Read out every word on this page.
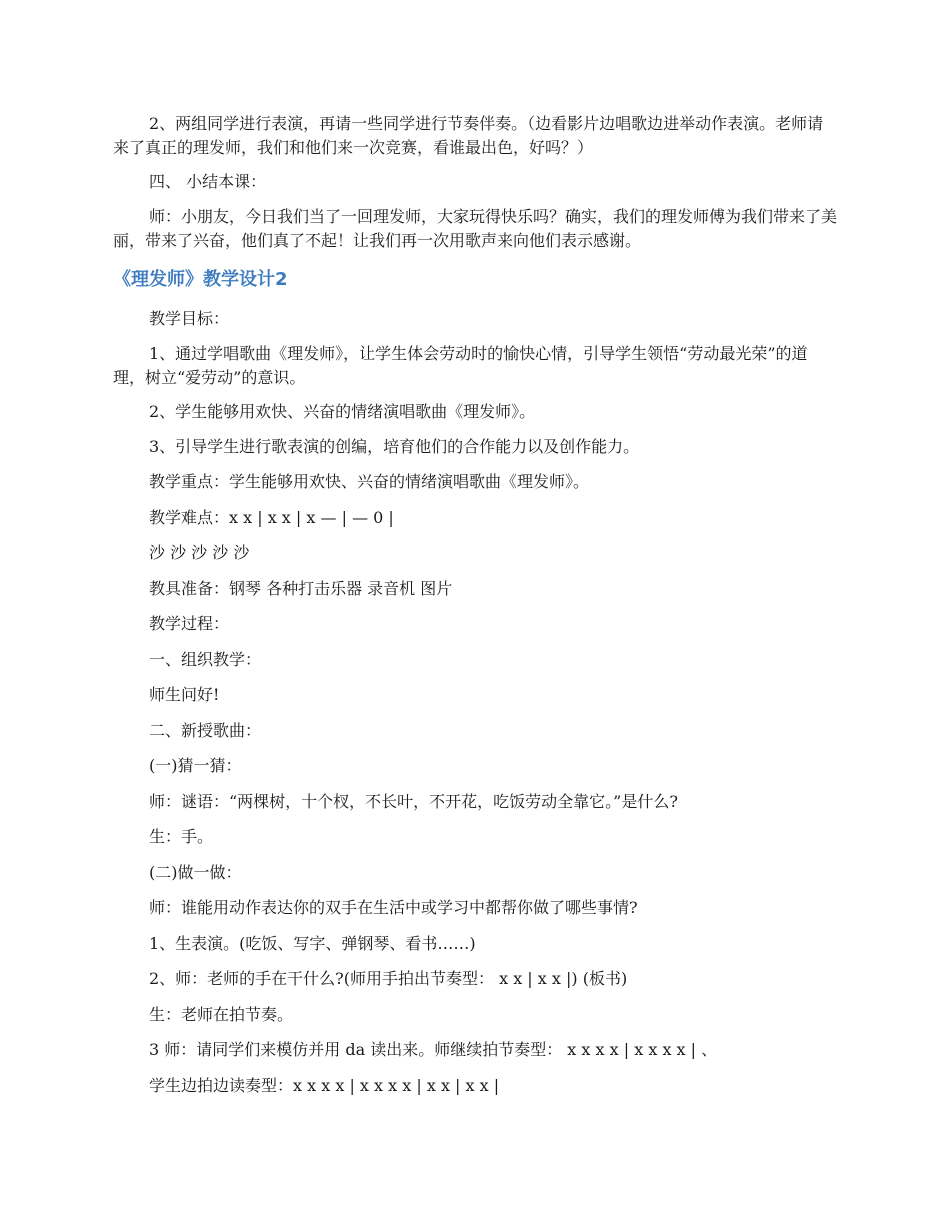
2、两组同学进行表演，再请一些同学进行节奏伴奏。（边看影片边唱歌边进举动作表演。老师请来了真正的理发师，我们和他们来一次竞赛，看谁最出色，好吗？）

四、 小结本课：

师：小朋友，今日我们当了一回理发师，大家玩得快乐吗？确实，我们的理发师傅为我们带来了美丽，带来了兴奋，他们真了不起！让我们再一次用歌声来向他们表示感谢。

《理发师》教学设计2

教学目标：

1、通过学唱歌曲《理发师》，让学生体会劳动时的愉快心情，引导学生领悟“劳动最光荣”的道理，树立“爱劳动”的意识。

2、学生能够用欢快、兴奋的情绪演唱歌曲《理发师》。

3、引导学生进行歌表演的创编，培育他们的合作能力以及创作能力。

教学重点：学生能够用欢快、兴奋的情绪演唱歌曲《理发师》。

教学难点：x x | x x | x — | — 0 |

沙 沙 沙 沙 沙

教具准备：钢琴 各种打击乐器 录音机 图片

教学过程：

一、组织教学：

师生问好!

二、新授歌曲：

(一)猜一猜：

师：谜语：“两棵树，十个杈，不长叶，不开花，吃饭劳动全靠它。”是什么?

生：手。

(二)做一做：

师：谁能用动作表达你的双手在生活中或学习中都帮你做了哪些事情?

1、生表演。(吃饭、写字、弹钢琴、看书……)

2、师：老师的手在干什么?(师用手拍出节奏型： x x | x x |) (板书)

生：老师在拍节奏。

3 师：请同学们来模仿并用 da 读出来。师继续拍节奏型： x x x x | x x x x | 、

学生边拍边读奏型：x x x x | x x x x | x x | x x |
